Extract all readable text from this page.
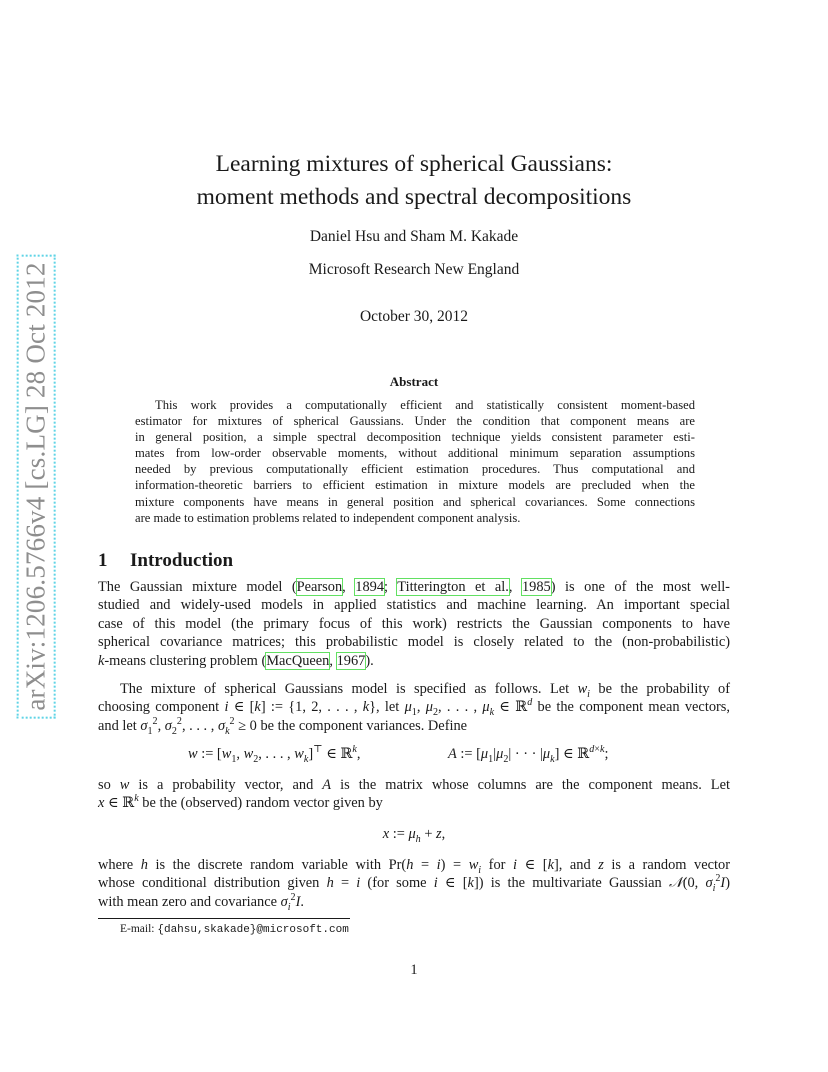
arXiv:1206.5766v4 [cs.LG] 28 Oct 2012
Learning mixtures of spherical Gaussians:
moment methods and spectral decompositions
Daniel Hsu and Sham M. Kakade
Microsoft Research New England
October 30, 2012
Abstract
This work provides a computationally efficient and statistically consistent moment-based
estimator for mixtures of spherical Gaussians. Under the condition that component means are
in general position, a simple spectral decomposition technique yields consistent parameter esti-
mates from low-order observable moments, without additional minimum separation assumptions
needed by previous computationally efficient estimation procedures. Thus computational and
information-theoretic barriers to efficient estimation in mixture models are precluded when the
mixture components have means in general position and spherical covariances. Some connections
are made to estimation problems related to independent component analysis.
1 Introduction
The Gaussian mixture model (Pearson, 1894; Titterington et al., 1985) is one of the most well-
studied and widely-used models in applied statistics and machine learning. An important special
case of this model (the primary focus of this work) restricts the Gaussian components to have
spherical covariance matrices; this probabilistic model is closely related to the (non-probabilistic)
k-means clustering problem (MacQueen, 1967).
The mixture of spherical Gaussians model is specified as follows. Let $w_i$ be the probability of
choosing component i ∈ [k] := {1, 2, . . . , k}, let $\mu_1$, $\mu_2$, . . . , $\mu_k$ ∈ ℝ$^d$ be the component mean vectors,
and let $\sigma_1^2$, $\sigma_2^2$, . . . , $\sigma_k^2 \ge 0$ be the component variances. Define
w := [$w_1$, $w_2$, . . . , $w_k]^⊤$ ∈ ℝ$^k$,	A := [$\mu_1|\mu_2|$ · · · $|\mu_k$] ∈ ℝ$^{d\times k}$;
so w is a probability vector, and A is the matrix whose columns are the component means. Let
x ∈ ℝ$^k$ be the (observed) random vector given by
x := $\mu_h + z$,
where h is the discrete random variable with $Pr(h = i) = w_i$ for i ∈ [k], and z is a random vector
whose conditional distribution given h = i (for some i ∈ [k]) is the multivariate Gaussian 𝒩(0, $\sigma_i^2I$)
with mean zero and covariance $\sigma_i^2I$.
E-mail: {dahsu,skakade}@microsoft.com
1
